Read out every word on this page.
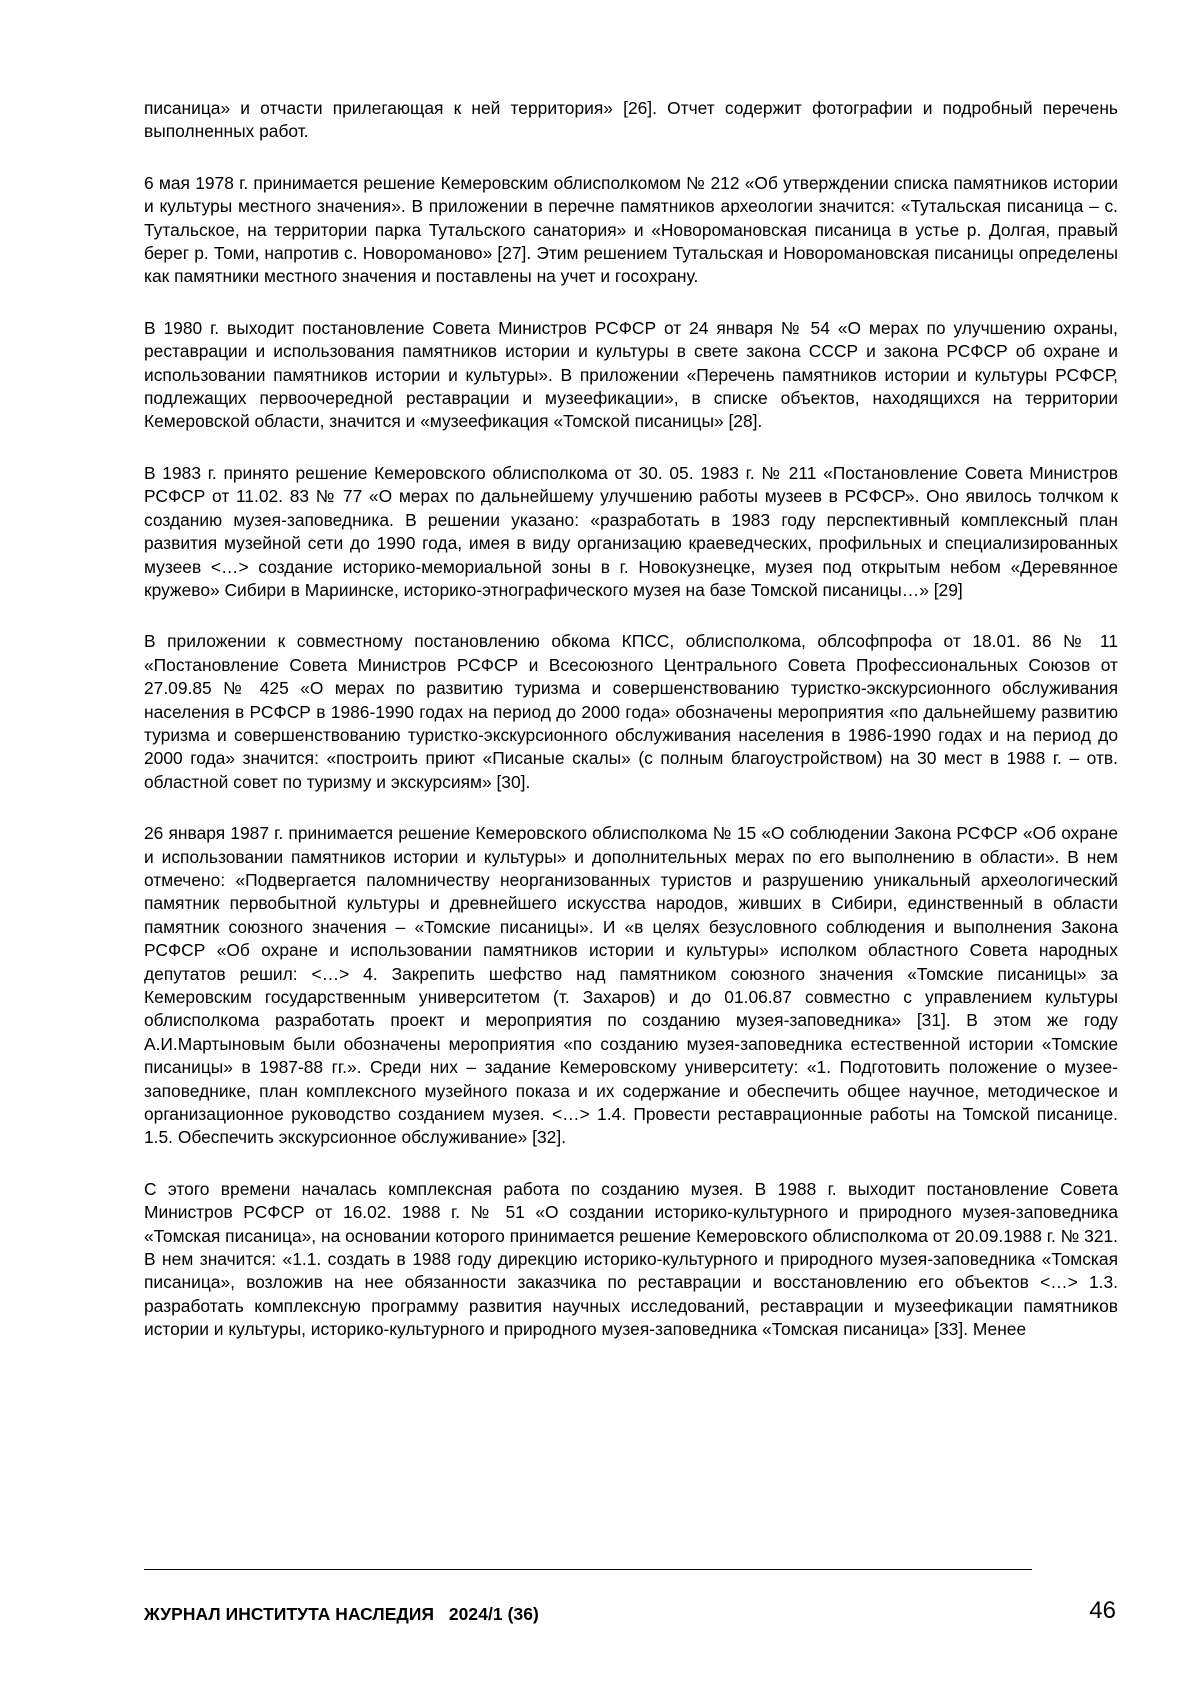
писаница» и отчасти прилегающая к ней территория» [26]. Отчет содержит фотографии и подробный перечень выполненных работ.

6 мая 1978 г. принимается решение Кемеровским облисполкомом № 212 «Об утверждении списка памятников истории и культуры местного значения». В приложении в перечне памятников археологии значится: «Тутальская писаница – с. Тутальское, на территории парка Тутальского санатория» и «Новоромановская писаница в устье р. Долгая, правый берег р. Томи, напротив с. Новороманово» [27]. Этим решением Тутальская и Новоромановская писаницы определены как памятники местного значения и поставлены на учет и госохрану.

В 1980 г. выходит постановление Совета Министров РСФСР от 24 января № 54 «О мерах по улучшению охраны, реставрации и использования памятников истории и культуры в свете закона СССР и закона РСФСР об охране и использовании памятников истории и культуры». В приложении «Перечень памятников истории и культуры РСФСР, подлежащих первоочередной реставрации и музеефикации», в списке объектов, находящихся на территории Кемеровской области, значится и «музеефикация «Томской писаницы» [28].

В 1983 г. принято решение Кемеровского облисполкома от 30. 05. 1983 г. № 211 «Постановление Совета Министров РСФСР от 11.02. 83 № 77 «О мерах по дальнейшему улучшению работы музеев в РСФСР». Оно явилось толчком к созданию музея-заповедника. В решении указано: «разработать в 1983 году перспективный комплексный план развития музейной сети до 1990 года, имея в виду организацию краеведческих, профильных и специализированных музеев <…> создание историко-мемориальной зоны в г. Новокузнецке, музея под открытым небом «Деревянное кружево» Сибири в Мариинске, историко-этнографического музея на базе Томской писаницы…» [29]

В приложении к совместному постановлению обкома КПСС, облисполкома, облсофпрофа от 18.01. 86 № 11 «Постановление Совета Министров РСФСР и Всесоюзного Центрального Совета Профессиональных Союзов от 27.09.85 № 425 «О мерах по развитию туризма и совершенствованию туристко-экскурсионного обслуживания населения в РСФСР в 1986-1990 годах на период до 2000 года» обозначены мероприятия «по дальнейшему развитию туризма и совершенствованию туристко-экскурсионного обслуживания населения в 1986-1990 годах и на период до 2000 года» значится: «построить приют «Писаные скалы» (с полным благоустройством) на 30 мест в 1988 г. – отв. областной совет по туризму и экскурсиям» [30].

26 января 1987 г. принимается решение Кемеровского облисполкома № 15 «О соблюдении Закона РСФСР «Об охране и использовании памятников истории и культуры» и дополнительных мерах по его выполнению в области». В нем отмечено: «Подвергается паломничеству неорганизованных туристов и разрушению уникальный археологический памятник первобытной культуры и древнейшего искусства народов, живших в Сибири, единственный в области памятник союзного значения – «Томские писаницы». И «в целях безусловного соблюдения и выполнения Закона РСФСР «Об охране и использовании памятников истории и культуры» исполком областного Совета народных депутатов решил: <…> 4. Закрепить шефство над памятником союзного значения «Томские писаницы» за Кемеровским государственным университетом (т. Захаров) и до 01.06.87 совместно с управлением культуры облисполкома разработать проект и мероприятия по созданию музея-заповедника» [31]. В этом же году А.И.Мартыновым были обозначены мероприятия «по созданию музея-заповедника естественной истории «Томские писаницы» в 1987-88 гг.». Среди них – задание Кемеровскому университету: «1. Подготовить положение о музее-заповеднике, план комплексного музейного показа и их содержание и обеспечить общее научное, методическое и организационное руководство созданием музея. <…> 1.4. Провести реставрационные работы на Томской писанице. 1.5. Обеспечить экскурсионное обслуживание» [32].

С этого времени началась комплексная работа по созданию музея. В 1988 г. выходит постановление Совета Министров РСФСР от 16.02. 1988 г. № 51 «О создании историко-культурного и природного музея-заповедника «Томская писаница», на основании которого принимается решение Кемеровского облисполкома от 20.09.1988 г. № 321. В нем значится: «1.1. создать в 1988 году дирекцию историко-культурного и природного музея-заповедника «Томская писаница», возложив на нее обязанности заказчика по реставрации и восстановлению его объектов <…> 1.3. разработать комплексную программу развития научных исследований, реставрации и музеефикации памятников истории и культуры, историко-культурного и природного музея-заповедника «Томская писаница» [33]. Менее

ЖУРНАЛ ИНСТИТУТА НАСЛЕДИЯ   2024/1 (36)	46
